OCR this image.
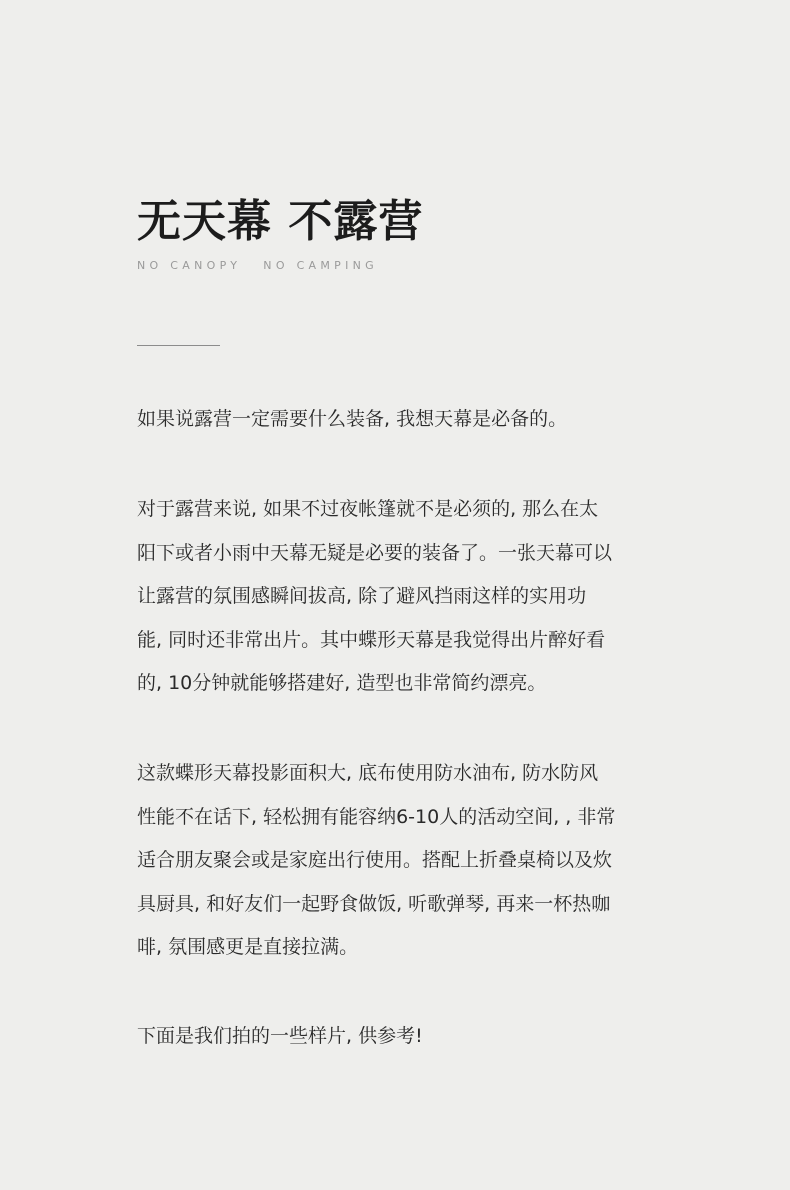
无天幕 不露营
NO CANOPY NO CAMPING

如果说露营一定需要什么装备, 我想天幕是必备的。

对于露营来说, 如果不过夜帐篷就不是必须的, 那么在太
阳下或者小雨中天幕无疑是必要的装备了。一张天幕可以
让露营的氛围感瞬间拔高, 除了避风挡雨这样的实用功
能, 同时还非常出片。其中蝶形天幕是我觉得出片醉好看
的, 10分钟就能够搭建好, 造型也非常简约漂亮。

这款蝶形天幕投影面积大, 底布使用防水油布, 防水防风
性能不在话下, 轻松拥有能容纳6-10人的活动空间, , 非常
适合朋友聚会或是家庭出行使用。搭配上折叠桌椅以及炊
具厨具, 和好友们一起野食做饭, 听歌弹琴, 再来一杯热咖
啡, 氛围感更是直接拉满。

下面是我们拍的一些样片, 供参考!
